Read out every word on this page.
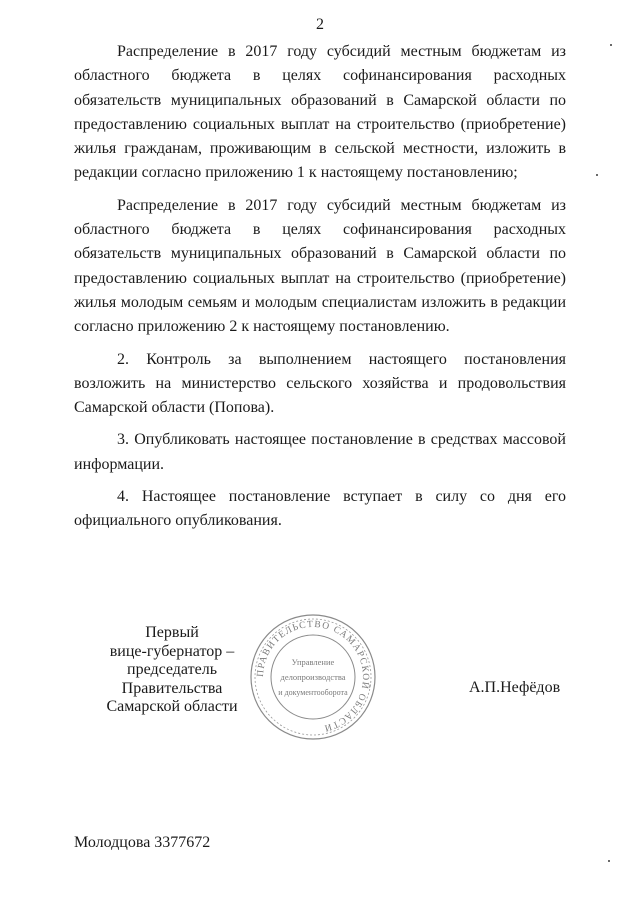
2

Распределение в 2017 году субсидий местным бюджетам из областного бюджета в целях софинансирования расходных обязательств муниципальных образований в Самарской области по предоставлению социальных выплат на строительство (приобретение) жилья гражданам, проживающим в сельской местности, изложить в редакции согласно приложению 1 к настоящему постановлению;

Распределение в 2017 году субсидий местным бюджетам из областного бюджета в целях софинансирования расходных обязательств муниципальных образований в Самарской области по предоставлению социальных выплат на строительство (приобретение) жилья молодым семьям и молодым специалистам изложить в редакции согласно приложению 2 к настоящему постановлению.

2. Контроль за выполнением настоящего постановления возложить на министерство сельского хозяйства и продовольствия Самарской области (Попова).

3. Опубликовать настоящее постановление в средствах массовой информации.

4. Настоящее постановление вступает в силу со дня его официального опубликования.

Первый
вице-губернатор –
председатель Правительства
Самарской области
ПРАВИТЕЛЬСТВО САМАРСКОЙ ОБЛАСТИ
Управление
делопроизводства
и документооборота	А.П.Нефёдов
Молодцова 3377672
